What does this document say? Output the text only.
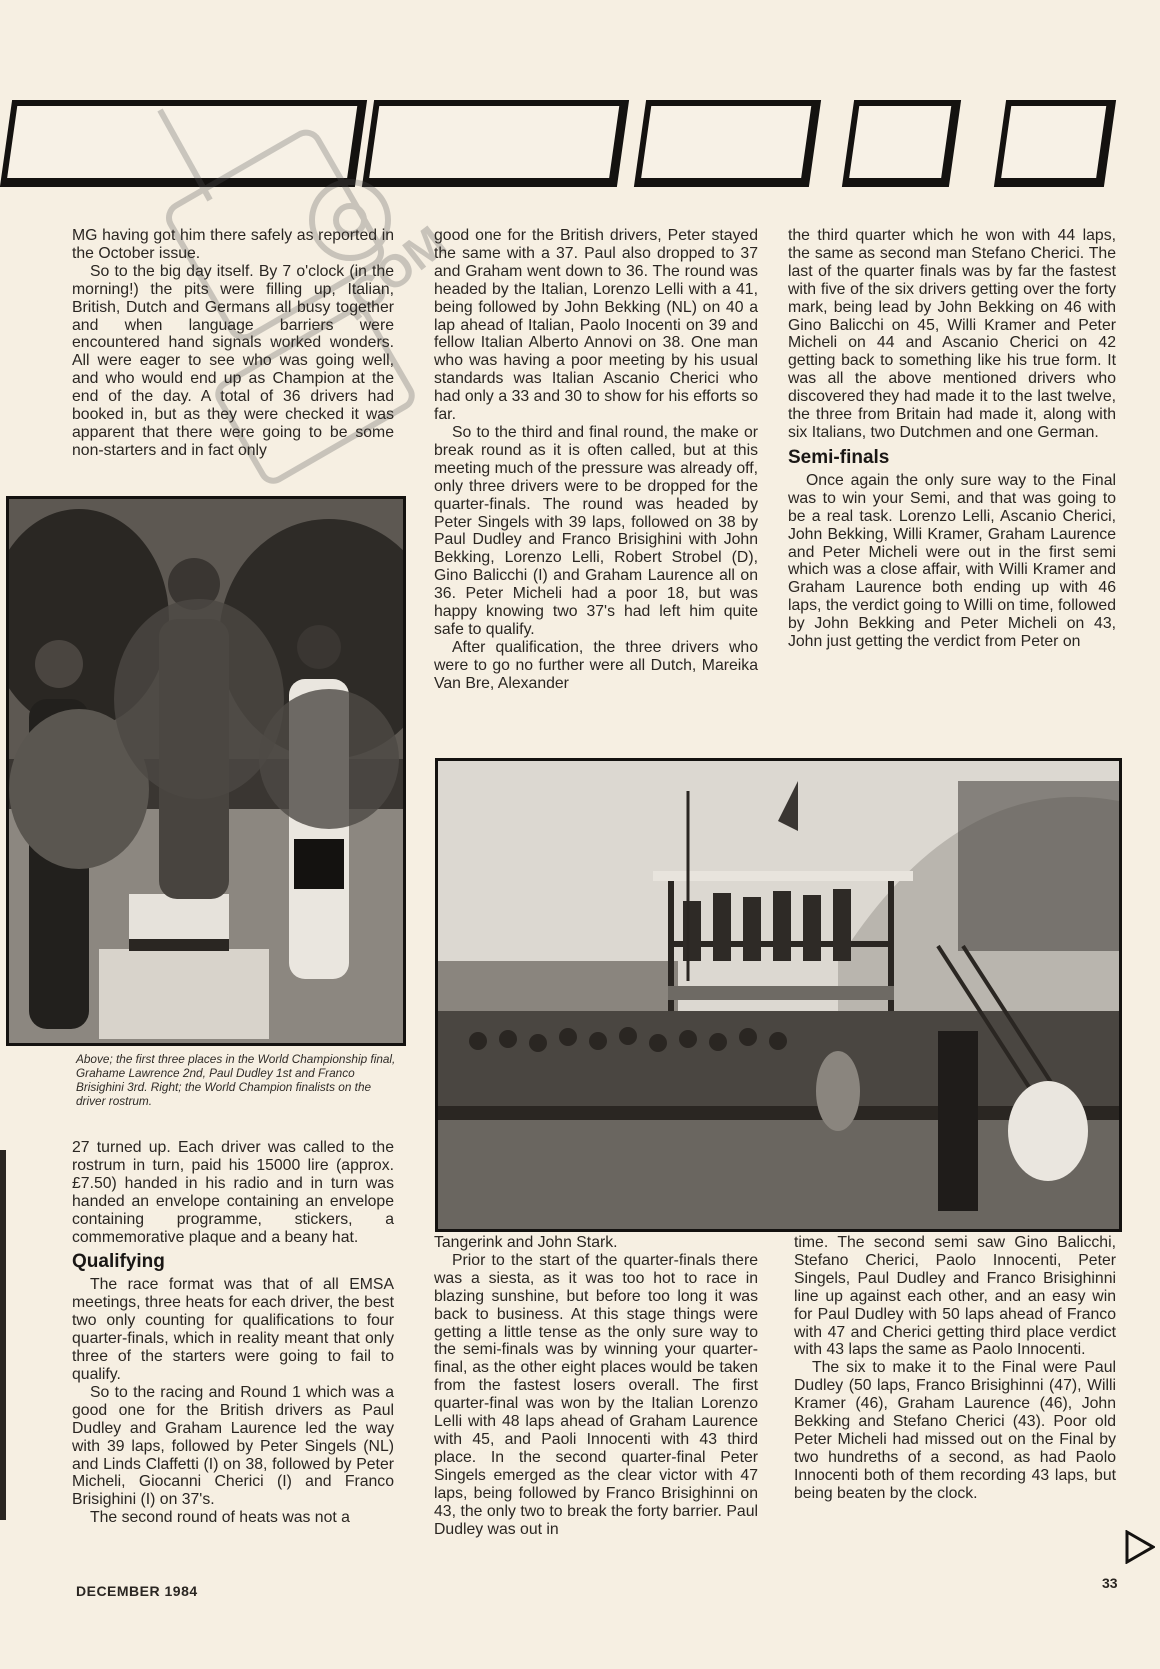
.COM

MG having got him there safely as reported in the October issue.

So to the big day itself. By 7 o'clock (in the morning!) the pits were filling up, Italian, British, Dutch and Germans all busy together and when language barriers were encountered hand signals worked wonders. All were eager to see who was going well, and who would end up as Champion at the end of the day. A total of 36 drivers had booked in, but as they were checked it was apparent that there were going to be some non-starters and in fact only

Above; the first three places in the World Championship final, Grahame Lawrence 2nd, Paul Dudley 1st and Franco Brisighini 3rd. Right; the World Champion finalists on the driver rostrum.

27 turned up. Each driver was called to the rostrum in turn, paid his 15000 lire (approx. £7.50) handed in his radio and in turn was handed an envelope containing an envelope containing programme, stickers, a commemorative plaque and a beany hat.

Qualifying

The race format was that of all EMSA meetings, three heats for each driver, the best two only counting for qualifications to four quarter-finals, which in reality meant that only three of the starters were going to fail to qualify.

So to the racing and Round 1 which was a good one for the British drivers as Paul Dudley and Graham Laurence led the way with 39 laps, followed by Peter Singels (NL) and Linds Claffetti (I) on 38, followed by Peter Micheli, Giocanni Cherici (I) and Franco Brisighini (I) on 37's.

The second round of heats was not a

good one for the British drivers, Peter stayed the same with a 37. Paul also dropped to 37 and Graham went down to 36. The round was headed by the Italian, Lorenzo Lelli with a 41, being followed by John Bekking (NL) on 40 a lap ahead of Italian, Paolo Inocenti on 39 and fellow Italian Alberto Annovi on 38. One man who was having a poor meeting by his usual standards was Italian Ascanio Cherici who had only a 33 and 30 to show for his efforts so far.

So to the third and final round, the make or break round as it is often called, but at this meeting much of the pressure was already off, only three drivers were to be dropped for the quarter-finals. The round was headed by Peter Singels with 39 laps, followed on 38 by Paul Dudley and Franco Brisighini with John Bekking, Lorenzo Lelli, Robert Strobel (D), Gino Balicchi (I) and Graham Laurence all on 36. Peter Micheli had a poor 18, but was happy knowing two 37's had left him quite safe to qualify.

After qualification, the three drivers who were to go no further were all Dutch, Mareika Van Bre, Alexander

the third quarter which he won with 44 laps, the same as second man Stefano Cherici. The last of the quarter finals was by far the fastest with five of the six drivers getting over the forty mark, being lead by John Bekking on 46 with Gino Balicchi on 45, Willi Kramer and Peter Micheli on 44 and Ascanio Cherici on 42 getting back to something like his true form. It was all the above mentioned drivers who discovered they had made it to the last twelve, the three from Britain had made it, along with six Italians, two Dutchmen and one German.

Semi-finals

Once again the only sure way to the Final was to win your Semi, and that was going to be a real task. Lorenzo Lelli, Ascanio Cherici, John Bekking, Willi Kramer, Graham Laurence and Peter Micheli were out in the first semi which was a close affair, with Willi Kramer and Graham Laurence both ending up with 46 laps, the verdict going to Willi on time, followed by John Bekking and Peter Micheli on 43, John just getting the verdict from Peter on

Tangerink and John Stark.

Prior to the start of the quarter-finals there was a siesta, as it was too hot to race in blazing sunshine, but before too long it was back to business. At this stage things were getting a little tense as the only sure way to the semi-finals was by winning your quarter-final, as the other eight places would be taken from the fastest losers overall. The first quarter-final was won by the Italian Lorenzo Lelli with 48 laps ahead of Graham Laurence with 45, and Paoli Innocenti with 43 third place. In the second quarter-final Peter Singels emerged as the clear victor with 47 laps, being followed by Franco Brisighinni on 43, the only two to break the forty barrier. Paul Dudley was out in

time. The second semi saw Gino Balicchi, Stefano Cherici, Paolo Innocenti, Peter Singels, Paul Dudley and Franco Brisighinni line up against each other, and an easy win for Paul Dudley with 50 laps ahead of Franco with 47 and Cherici getting third place verdict with 43 laps the same as Paolo Innocenti.

The six to make it to the Final were Paul Dudley (50 laps, Franco Brisighinni (47), Willi Kramer (46), Graham Laurence (46), John Bekking and Stefano Cherici (43). Poor old Peter Micheli had missed out on the Final by two hundreths of a second, as had Paolo Innocenti both of them recording 43 laps, but being beaten by the clock.

DECEMBER 1984	33
